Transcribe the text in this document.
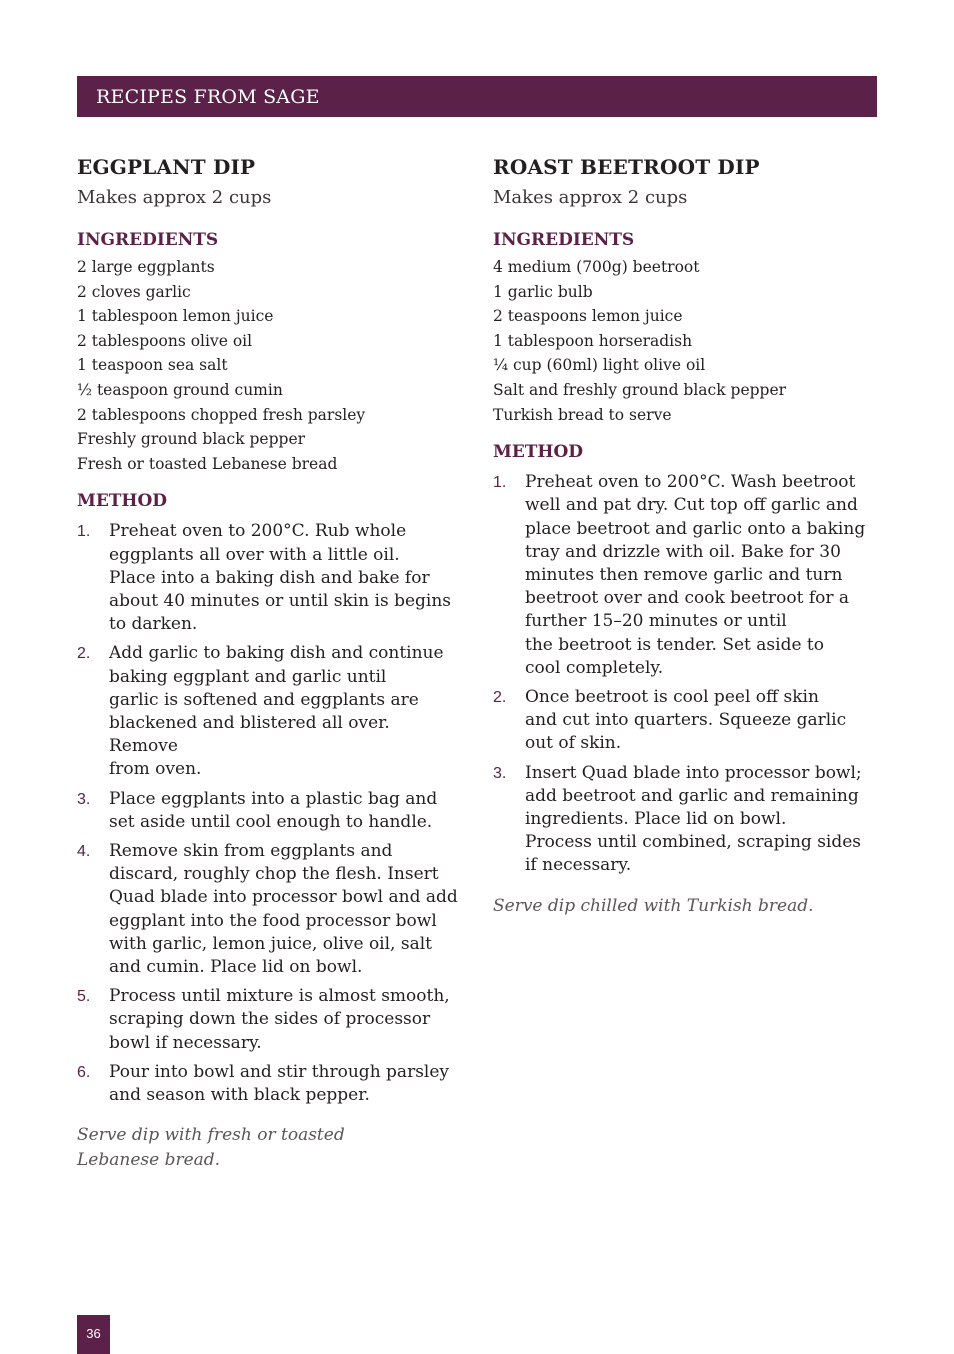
RECIPES FROM SAGE
EGGPLANT DIP
Makes approx 2 cups
INGREDIENTS
2 large eggplants
2 cloves garlic
1 tablespoon lemon juice
2 tablespoons olive oil
1 teaspoon sea salt
½ teaspoon ground cumin
2 tablespoons chopped fresh parsley
Freshly ground black pepper
Fresh or toasted Lebanese bread
METHOD
1. Preheat oven to 200°C. Rub whole
eggplants all over with a little oil.
Place into a baking dish and bake for
about 40 minutes or until skin is begins
to darken.
2. Add garlic to baking dish and continue
baking eggplant and garlic until
garlic is softened and eggplants are
blackened and blistered all over. Remove
from oven.
3. Place eggplants into a plastic bag and
set aside until cool enough to handle.
4. Remove skin from eggplants and
discard, roughly chop the flesh. Insert
Quad blade into processor bowl and add
eggplant into the food processor bowl
with garlic, lemon juice, olive oil, salt
and cumin. Place lid on bowl.
5. Process until mixture is almost smooth,
scraping down the sides of processor
bowl if necessary.
6. Pour into bowl and stir through parsley
and season with black pepper.
Serve dip with fresh or toasted
Lebanese bread.
ROAST BEETROOT DIP
Makes approx 2 cups
INGREDIENTS
4 medium (700g) beetroot
1 garlic bulb
2 teaspoons lemon juice
1 tablespoon horseradish
¼ cup (60ml) light olive oil
Salt and freshly ground black pepper
Turkish bread to serve
METHOD
1. Preheat oven to 200°C. Wash beetroot
well and pat dry. Cut top off garlic and
place beetroot and garlic onto a baking
tray and drizzle with oil. Bake for 30
minutes then remove garlic and turn
beetroot over and cook beetroot for a
further 15–20 minutes or until
the beetroot is tender. Set aside to
cool completely.
2. Once beetroot is cool peel off skin
and cut into quarters. Squeeze garlic
out of skin.
3. Insert Quad blade into processor bowl;
add beetroot and garlic and remaining
ingredients. Place lid on bowl.
Process until combined, scraping sides
if necessary.
Serve dip chilled with Turkish bread.
36
